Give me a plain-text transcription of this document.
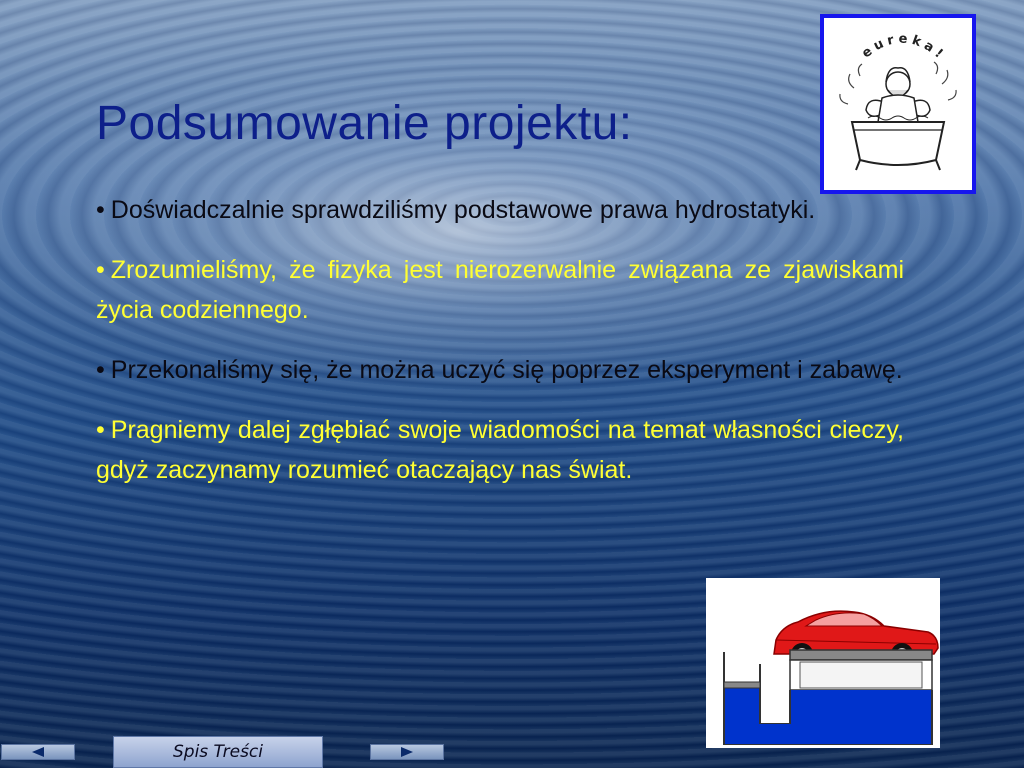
Podsumowanie projektu:

• Doświadczalnie sprawdziliśmy podstawowe prawa hydrostatyki.

• Zrozumieliśmy, że fizyka jest nierozerwalnie związana ze zjawiskami życia codziennego.

• Przekonaliśmy się, że można uczyć się poprzez eksperyment i zabawę.

• Pragniemy dalej zgłębiać swoje wiadomości na temat własności cieczy, gdyż zaczynamy rozumieć otaczający nas świat.

eureka!
Spis Treści
